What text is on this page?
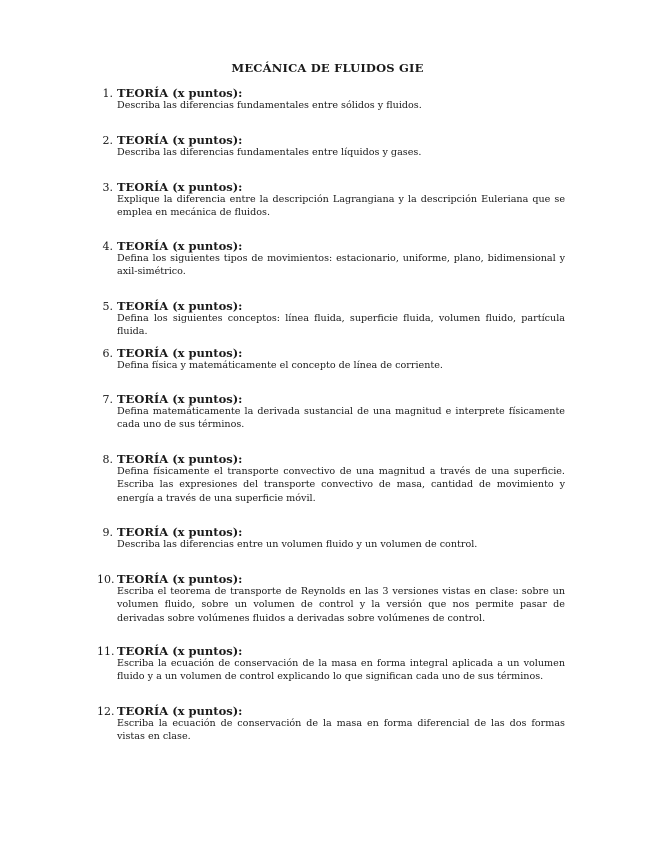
MECÁNICA DE FLUIDOS GIE
1. TEORÍA (x puntos):
Describa las diferencias fundamentales entre sólidos y fluidos.
2. TEORÍA (x puntos):
Describa las diferencias fundamentales entre líquidos y gases.
3. TEORÍA (x puntos):
Explique la diferencia entre la descripción Lagrangiana y la descripción Euleriana que se emplea en mecánica de fluidos.
4. TEORÍA (x puntos):
Defina los siguientes tipos de movimientos: estacionario, uniforme, plano, bidimensional y axil-simétrico.
5. TEORÍA (x puntos):
Defina los siguientes conceptos: línea fluida, superficie fluida, volumen fluido, partícula fluida.
6. TEORÍA (x puntos):
Defina física y matemáticamente el concepto de línea de corriente.
7. TEORÍA (x puntos):
Defina matemáticamente la derivada sustancial de una magnitud e interprete físicamente cada uno de sus términos.
8. TEORÍA (x puntos):
Defina físicamente el transporte convectivo de una magnitud a través de una superficie. Escriba las expresiones del transporte convectivo de masa, cantidad de movimiento y energía a través de una superficie móvil.
9. TEORÍA (x puntos):
Describa las diferencias entre un volumen fluido y un volumen de control.
10. TEORÍA (x puntos):
Escriba el teorema de transporte de Reynolds en las 3 versiones vistas en clase: sobre un volumen fluido, sobre un volumen de control y la versión que nos permite pasar de derivadas sobre volúmenes fluidos a derivadas sobre volúmenes de control.
11. TEORÍA (x puntos):
Escriba la ecuación de conservación de la masa en forma integral aplicada a un volumen fluido y a un volumen de control explicando lo que significan cada uno de sus términos.
12. TEORÍA (x puntos):
Escriba la ecuación de conservación de la masa en forma diferencial de las dos formas vistas en clase.
